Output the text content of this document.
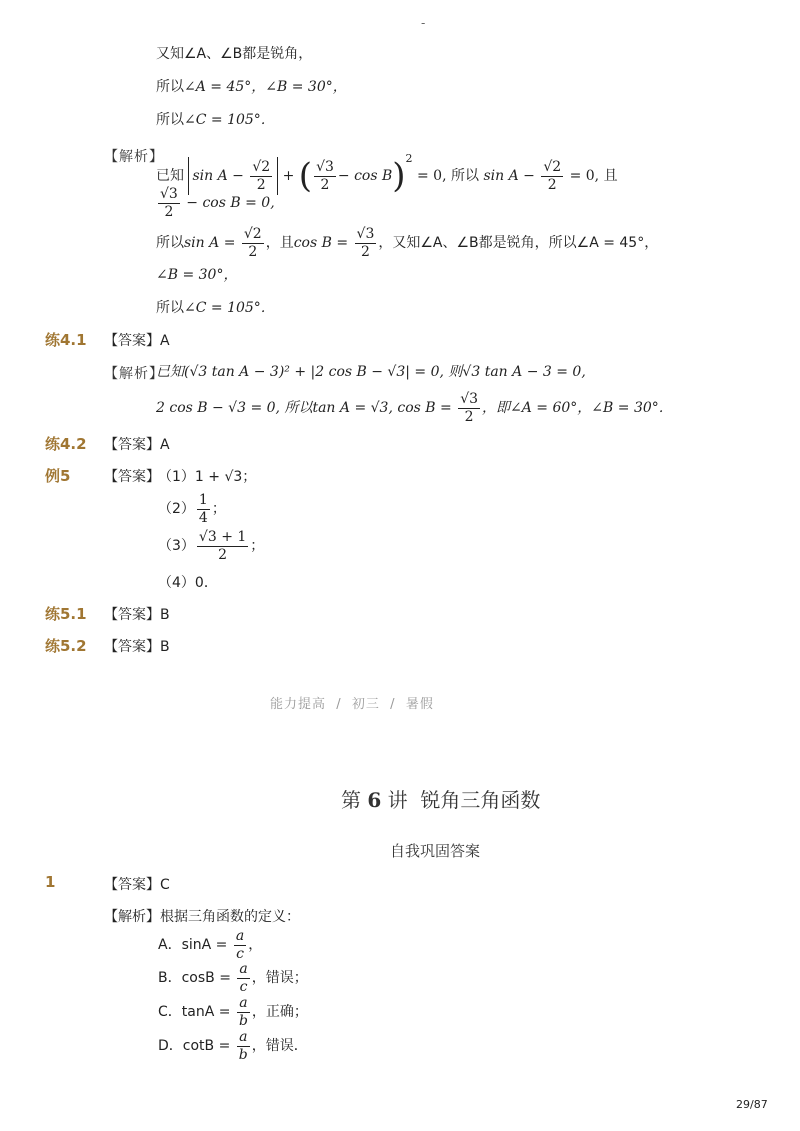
-
又知∠A、∠B都是锐角，
所以∠A = 45°，∠B = 30°，
所以∠C = 105°．
【解析】
已知 $\sin A - \frac{√2}{2}$ + ( $\frac{√3}{2} - \cos B)^2 = 0$, 所以 $\sin A - \frac{√2}{2} = 0$, 且
$\frac{√3}{2} - \cos B = 0$,
所以$\sin A = \frac{√2}{2}$ ，且$\cos B = \frac{√3}{2}$ ，又知∠A、∠B都是锐角，所以∠A = 45°，
∠B = 30°，
所以∠C = 105°．
练4.1 【答案】A
【解析】
已知(√3 tan A − 3)² + |2 cos B − √3| = 0, 则√3 tan A − 3 = 0,
2 cos B − √3 = 0, 所以tan A = √3, $\cos B = \frac{√3}{2}$ ，即∠A = 60°，∠B = 30°．
练4.2 【答案】A
例5 【答案】
（1）1 + √3；
$(2) \frac{1}{4}$ ；
$(3) \frac{√3 + 1}{2}$ ；
（4）0．
练5.1 【答案】B
练5.2 【答案】B
能力提高  /  初三  /  暑假
第 6 讲  锐角三角函数
自我巩固答案
1	【答案】C
【解析】根据三角函数的定义：
A．$\sin A = \frac{a}{c}$ ，
B．$\cos B = \frac{a}{c}$ ，错误；
C．$\tan A = \frac{a}{b}$ ，正确；
D．$\cot B = \frac{a}{b}$ ，错误．
29/87
